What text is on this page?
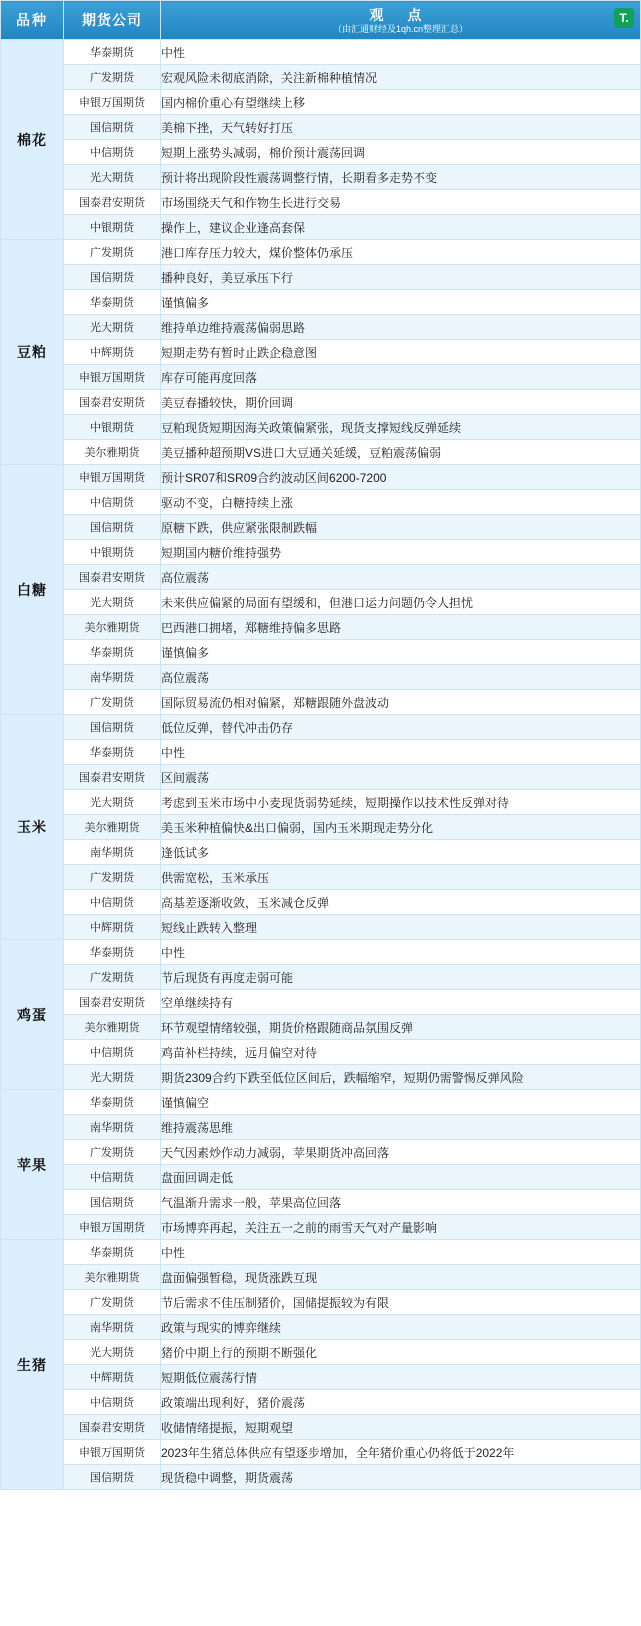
品种	期货公司	观 点
（由汇通财经及1qh.cn整理汇总）
T.

棉花	华泰期货	中性
	广发期货	宏观风险未彻底消除，关注新棉种植情况
	申银万国期货	国内棉价重心有望继续上移
	国信期货	美棉下挫，天气转好打压
	中信期货	短期上涨势头减弱，棉价预计震荡回调
	光大期货	预计将出现阶段性震荡调整行情，长期看多走势不变
	国泰君安期货	市场围绕天气和作物生长进行交易
	中银期货	操作上，建议企业逢高套保
豆粕	广发期货	港口库存压力较大，煤价整体仍承压
	国信期货	播种良好，美豆承压下行
	华泰期货	谨慎偏多
	光大期货	维持单边维持震荡偏弱思路
	中辉期货	短期走势有暂时止跌企稳意图
	申银万国期货	库存可能再度回落
	国泰君安期货	美豆春播较快，期价回调
	中银期货	豆粕现货短期因海关政策偏紧张，现货支撑短线反弹延续
	美尔雅期货	美豆播种超预期VS进口大豆通关延缓，豆粕震荡偏弱
白糖	申银万国期货	预计SR07和SR09合约波动区间6200-7200
	中信期货	驱动不变，白糖持续上涨
	国信期货	原糖下跌，供应紧张限制跌幅
	中银期货	短期国内糖价维持强势
	国泰君安期货	高位震荡
	光大期货	未来供应偏紧的局面有望缓和，但港口运力问题仍令人担忧
	美尔雅期货	巴西港口拥堵，郑糖维持偏多思路
	华泰期货	谨慎偏多
	南华期货	高位震荡
	广发期货	国际贸易流仍相对偏紧，郑糖跟随外盘波动
玉米	国信期货	低位反弹，替代冲击仍存
	华泰期货	中性
	国泰君安期货	区间震荡
	光大期货	考虑到玉米市场中小麦现货弱势延续，短期操作以技术性反弹对待
	美尔雅期货	美玉米种植偏快&出口偏弱，国内玉米期现走势分化
	南华期货	逢低试多
	广发期货	供需宽松，玉米承压
	中信期货	高基差逐渐收敛，玉米减仓反弹
	中辉期货	短线止跌转入整理
鸡蛋	华泰期货	中性
	广发期货	节后现货有再度走弱可能
	国泰君安期货	空单继续持有
	美尔雅期货	环节观望情绪较强，期货价格跟随商品氛围反弹
	中信期货	鸡苗补栏持续，远月偏空对待
	光大期货	期货2309合约下跌至低位区间后，跌幅缩窄，短期仍需警惕反弹风险
苹果	华泰期货	谨慎偏空
	南华期货	维持震荡思维
	广发期货	天气因素炒作动力减弱，苹果期货冲高回落
	中信期货	盘面回调走低
	国信期货	气温渐升需求一般，苹果高位回落
	申银万国期货	市场博弈再起，关注五一之前的雨雪天气对产量影响
生猪	华泰期货	中性
	美尔雅期货	盘面偏强暂稳，现货涨跌互现
	广发期货	节后需求不佳压制猪价，国储提振较为有限
	南华期货	政策与现实的博弈继续
	光大期货	猪价中期上行的预期不断强化
	中辉期货	短期低位震荡行情
	中信期货	政策端出现利好，猪价震荡
	国泰君安期货	收储情绪提振，短期观望
	申银万国期货	2023年生猪总体供应有望逐步增加，全年猪价重心仍将低于2022年
	国信期货	现货稳中调整，期货震荡
